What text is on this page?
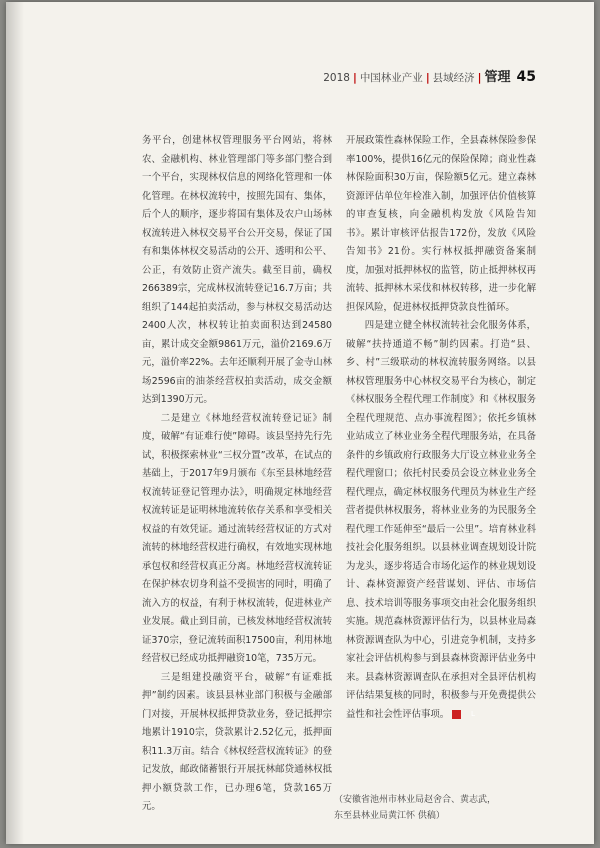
2018 | 中国林业产业 | 县域经济 | 管理 45

务平台，创建林权管理服务平台网站，将林农、金融机构、林业管理部门等多部门整合到一个平台，实现林权信息的网络化管理和一体化管理。在林权流转中，按照先国有、集体，后个人的顺序，逐步将国有集体及农户山场林权流转进入林权交易平台公开交易，保证了国有和集体林权交易活动的公开、透明和公平、公正，有效防止资产流失。截至目前，确权266389宗，完成林权流转登记16.7万亩；共组织了144起拍卖活动，参与林权交易活动达2400人次，林权转让拍卖面积达到24580亩，累计成交金额9861万元，溢价2169.6万元，溢价率22%。去年还顺利开展了金寺山林场2596亩的油茶经营权拍卖活动，成交金额达到1390万元。

二是建立《林地经营权流转登记证》制度，破解“有证难行使”障碍。该县坚持先行先试，积极探索林业“三权分置”改革，在试点的基础上，于2017年9月颁布《东至县林地经营权流转证登记管理办法》，明确规定林地经营权流转证是证明林地流转依存关系和享受相关权益的有效凭证。通过流转经营权证的方式对流转的林地经营权进行确权，有效地实现林地承包权和经营权真正分离。林地经营权流转证在保护林农切身利益不受损害的同时，明确了流入方的权益，有利于林权流转，促进林业产业发展。截止到目前，已核发林地经营权流转证370宗，登记流转面积17500亩，利用林地经营权已经成功抵押融资10笔，735万元。

三是组建投融资平台，破解“有证难抵押”制约因素。该县县林业部门积极与金融部门对接，开展林权抵押贷款业务，登记抵押宗地累计1910宗，贷款累计2.52亿元，抵押面积11.3万亩。结合《林权经营权流转证》的登记发放，邮政储蓄银行开展抚林邮贷通林权抵押小额贷款工作，已办理6笔，贷款165万元。

开展政策性森林保险工作，全县森林保险参保率100%，提供16亿元的保险保障；商业性森林保险面积30万亩，保险额5亿元。建立森林资源评估单位年检准入制，加强评估价值核算的审查复核，向金融机构发放《风险告知书》。累计审核评估报告172份，发放《风险告知书》21份。实行林权抵押融资备案制度，加强对抵押林权的监管，防止抵押林权再流转、抵押林木采伐和林权转移，进一步化解担保风险，促进林权抵押贷款良性循环。

四是建立健全林权流转社会化服务体系，破解“扶持通道不畅”制约因素。打造“县、乡、村”三级联动的林权流转服务网络。以县林权管理服务中心林权交易平台为核心，制定《林权服务全程代理工作制度》和《林权服务全程代理规范、点办事流程图》；依托乡镇林业站成立了林业业务全程代理服务站，在具备条件的乡镇政府行政服务大厅设立林业业务全程代理窗口；依托村民委员会设立林业业务全程代理点，确定林权服务代理员为林业生产经营者提供林权服务，将林业业务的为民服务全程代理工作延伸至“最后一公里”。培育林业科技社会化服务组织。以县林业调查规划设计院为龙头，逐步将适合市场化运作的林业规划设计、森林资源资产经营谋划、评估、市场信息、技术培训等服务事项交由社会化服务组织实施。规范森林资源评估行为，以县林业局森林资源调查队为中心，引进竞争机制，支持多家社会评估机构参与到县森林资源评估业务中来。县森林资源调查队在承担对全县评估机构评估结果复核的同时，积极参与开免费提供公益性和社会性评估事项。	L

（安徽省池州市林业局赵舍合、黄志武，
东至县林业局黄江怀 供稿）
